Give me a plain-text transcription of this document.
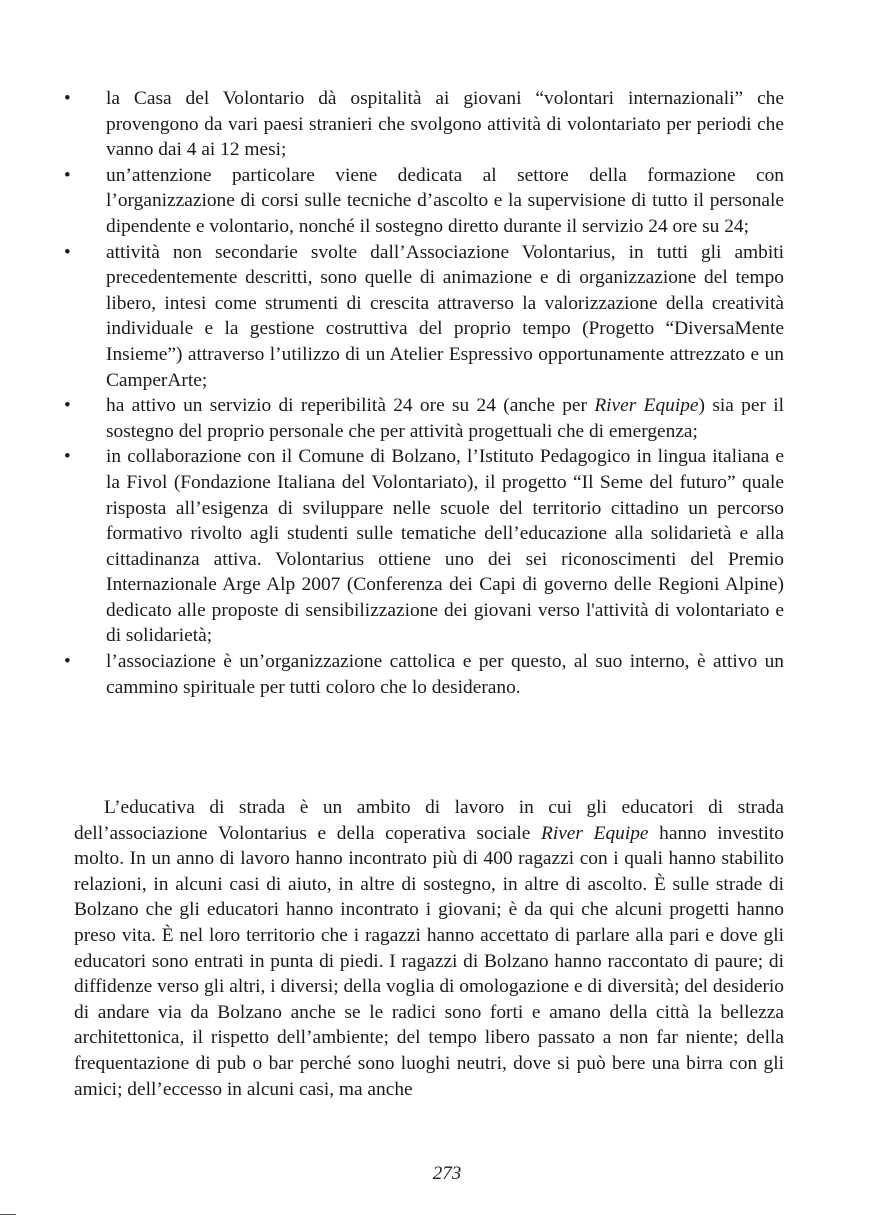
• la Casa del Volontario dà ospitalità ai giovani “volontari internazionali” che provengono da vari paesi stranieri che svolgono attività di volontariato per periodi che vanno dai 4 ai 12 mesi;
• un’attenzione particolare viene dedicata al settore della formazione con l’organizzazione di corsi sulle tecniche d’ascolto e la supervisione di tutto il personale dipendente e volontario, nonché il sostegno diretto durante il servizio 24 ore su 24;
• attività non secondarie svolte dall’Associazione Volontarius, in tutti gli ambiti precedentemente descritti, sono quelle di animazione e di organizzazione del tempo libero, intesi come strumenti di crescita attraverso la valorizzazione della creatività individuale e la gestione costruttiva del proprio tempo (Progetto “DiversaMente Insieme”) attraverso l’utilizzo di un Atelier Espressivo opportunamente attrezzato e un CamperArte;
• ha attivo un servizio di reperibilità 24 ore su 24 (anche per River Equipe) sia per il sostegno del proprio personale che per attività progettuali che di emergenza;
• in collaborazione con il Comune di Bolzano, l’Istituto Pedagogico in lingua italiana e la Fivol (Fondazione Italiana del Volontariato), il progetto “Il Seme del futuro” quale risposta all’esigenza di sviluppare nelle scuole del territorio cittadino un percorso formativo rivolto agli studenti sulle tematiche dell’educazione alla solidarietà e alla cittadinanza attiva. Volontarius ottiene uno dei sei riconoscimenti del Premio Internazionale Arge Alp 2007 (Conferenza dei Capi di governo delle Regioni Alpine) dedicato alle proposte di sensibilizzazione dei giovani verso l'attività di volontariato e di solidarietà;
• l’associazione è un’organizzazione cattolica e per questo, al suo interno, è attivo un cammino spirituale per tutti coloro che lo desiderano.

L’educativa di strada è un ambito di lavoro in cui gli educatori di strada dell’associazione Volontarius e della coperativa sociale River Equipe hanno investito molto. In un anno di lavoro hanno incontrato più di 400 ragazzi con i quali hanno stabilito relazioni, in alcuni casi di aiuto, in altre di sostegno, in altre di ascolto. È sulle strade di Bolzano che gli educatori hanno incontrato i giovani; è da qui che alcuni progetti hanno preso vita. È nel loro territorio che i ragazzi hanno accettato di parlare alla pari e dove gli educatori sono entrati in punta di piedi. I ragazzi di Bolzano hanno raccontato di paure; di diffidenze verso gli altri, i diversi; della voglia di omologazione e di diversità; del desiderio di andare via da Bolzano anche se le radici sono forti e amano della città la bellezza architettonica, il rispetto dell’ambiente; del tempo libero passato a non far niente; della frequentazione di pub o bar perché sono luoghi neutri, dove si può bere una birra con gli amici; dell’eccesso in alcuni casi, ma anche

273
